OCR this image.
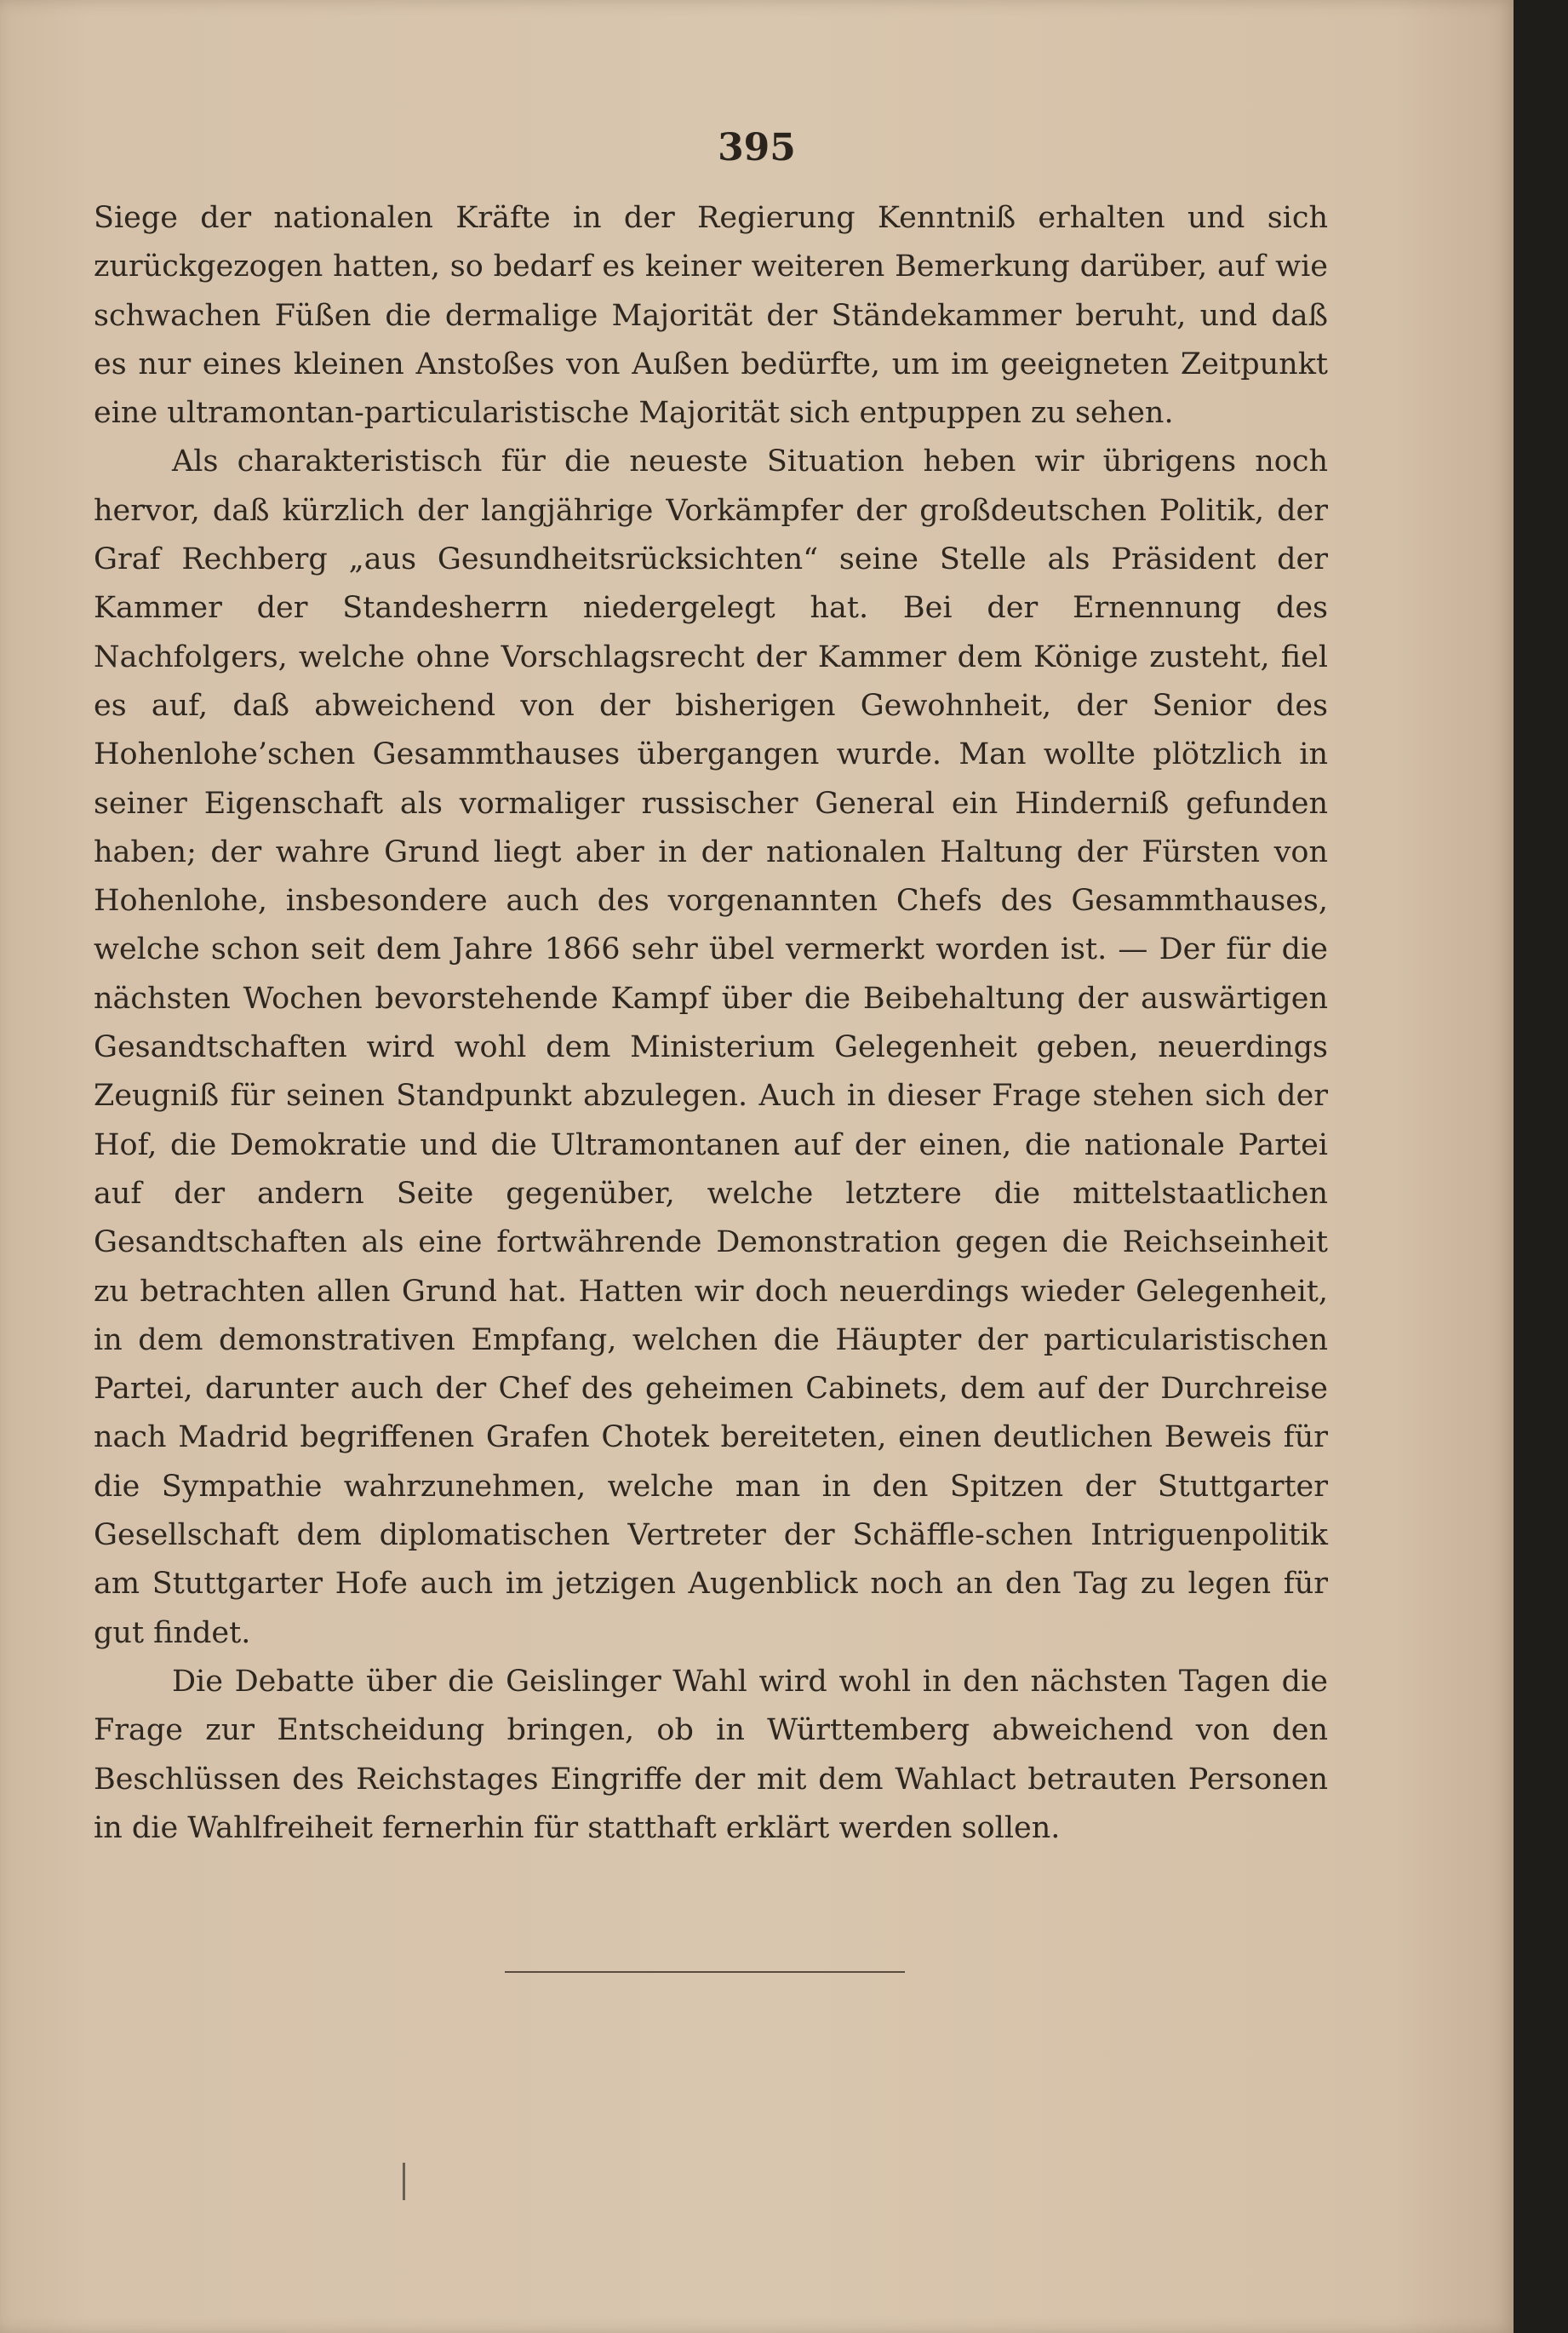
395

Siege der nationalen Kräfte in der Regierung Kenntniß erhalten und sich zurückgezogen hatten, so bedarf es keiner weiteren Bemerkung darüber, auf wie schwachen Füßen die dermalige Majorität der Ständekammer beruht, und daß es nur eines kleinen Anstoßes von Außen bedürfte, um im geeigneten Zeitpunkt eine ultramontan-particularistische Majorität sich entpuppen zu sehen.

Als charakteristisch für die neueste Situation heben wir übrigens noch hervor, daß kürzlich der langjährige Vorkämpfer der großdeutschen Politik, der Graf Rechberg „aus Gesundheitsrücksichten“ seine Stelle als Präsident der Kammer der Standesherrn niedergelegt hat. Bei der Ernennung des Nachfolgers, welche ohne Vorschlagsrecht der Kammer dem Könige zusteht, fiel es auf, daß abweichend von der bisherigen Gewohnheit, der Senior des Hohenlohe’schen Gesammthauses übergangen wurde. Man wollte plötzlich in seiner Eigenschaft als vormaliger russischer General ein Hinderniß gefunden haben; der wahre Grund liegt aber in der nationalen Haltung der Fürsten von Hohenlohe, insbesondere auch des vorgenannten Chefs des Gesammthauses, welche schon seit dem Jahre 1866 sehr übel vermerkt worden ist. — Der für die nächsten Wochen bevorstehende Kampf über die Beibehaltung der auswärtigen Gesandtschaften wird wohl dem Ministerium Gelegenheit geben, neuerdings Zeugniß für seinen Standpunkt abzulegen. Auch in dieser Frage stehen sich der Hof, die Demokratie und die Ultramontanen auf der einen, die nationale Partei auf der andern Seite gegenüber, welche letztere die mittelstaatlichen Gesandtschaften als eine fortwährende Demonstration gegen die Reichseinheit zu betrachten allen Grund hat. Hatten wir doch neuerdings wieder Gelegenheit, in dem demonstrativen Empfang, welchen die Häupter der particularistischen Partei, darunter auch der Chef des geheimen Cabinets, dem auf der Durchreise nach Madrid begriffenen Grafen Chotek bereiteten, einen deutlichen Beweis für die Sympathie wahrzunehmen, welche man in den Spitzen der Stuttgarter Gesellschaft dem diplomatischen Vertreter der Schäffle-schen Intriguenpolitik am Stuttgarter Hofe auch im jetzigen Augenblick noch an den Tag zu legen für gut findet.

Die Debatte über die Geislinger Wahl wird wohl in den nächsten Tagen die Frage zur Entscheidung bringen, ob in Württemberg abweichend von den Beschlüssen des Reichstages Eingriffe der mit dem Wahlact betrauten Personen in die Wahlfreiheit fernerhin für statthaft erklärt werden sollen.
